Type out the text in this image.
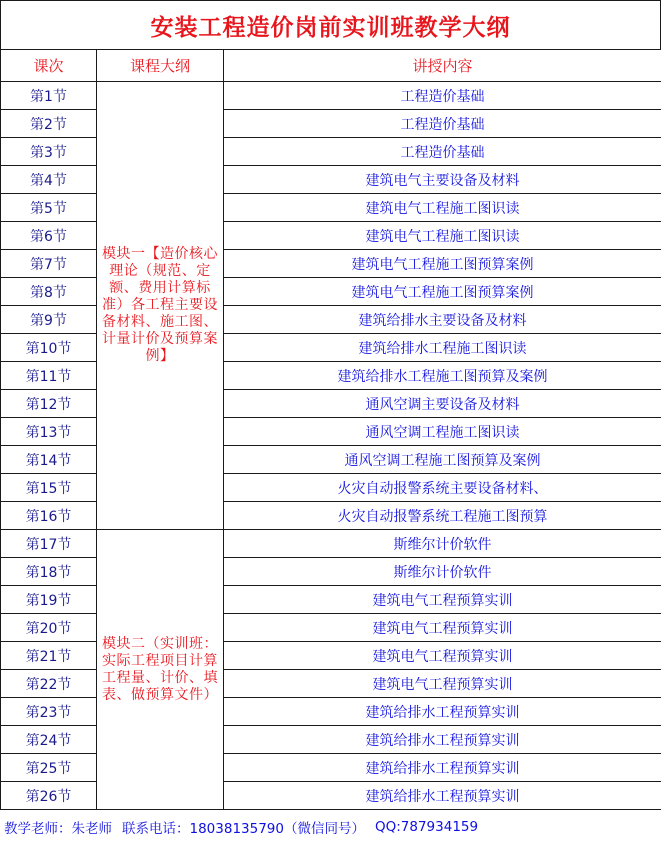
安装工程造价岗前实训班教学大纲
课次	课程大纲	讲授内容
第1节	模块一【造价核心理论（规范、定额、费用计算标准）各工程主要设备材料、施工图、计量计价及预算案例】	工程造价基础
第2节		工程造价基础
第3节		工程造价基础
第4节		建筑电气主要设备及材料
第5节		建筑电气工程施工图识读
第6节		建筑电气工程施工图识读
第7节		建筑电气工程施工图预算案例
第8节		建筑电气工程施工图预算案例
第9节		建筑给排水主要设备及材料
第10节		建筑给排水工程施工图识读
第11节		建筑给排水工程施工图预算及案例
第12节		通风空调主要设备及材料
第13节		通风空调工程施工图识读
第14节		通风空调工程施工图预算及案例
第15节		火灾自动报警系统主要设备材料、
第16节		火灾自动报警系统工程施工图预算
第17节	模块二（实训班：实际工程项目计算工程量、计价、填表、做预算文件）	斯维尔计价软件
第18节		斯维尔计价软件
第19节		建筑电气工程预算实训
第20节		建筑电气工程预算实训
第21节		建筑电气工程预算实训
第22节		建筑电气工程预算实训
第23节		建筑给排水工程预算实训
第24节		建筑给排水工程预算实训
第25节		建筑给排水工程预算实训
第26节		建筑给排水工程预算实训
教学老师：朱老师 联系电话：18038135790（微信同号） QQ:787934159
